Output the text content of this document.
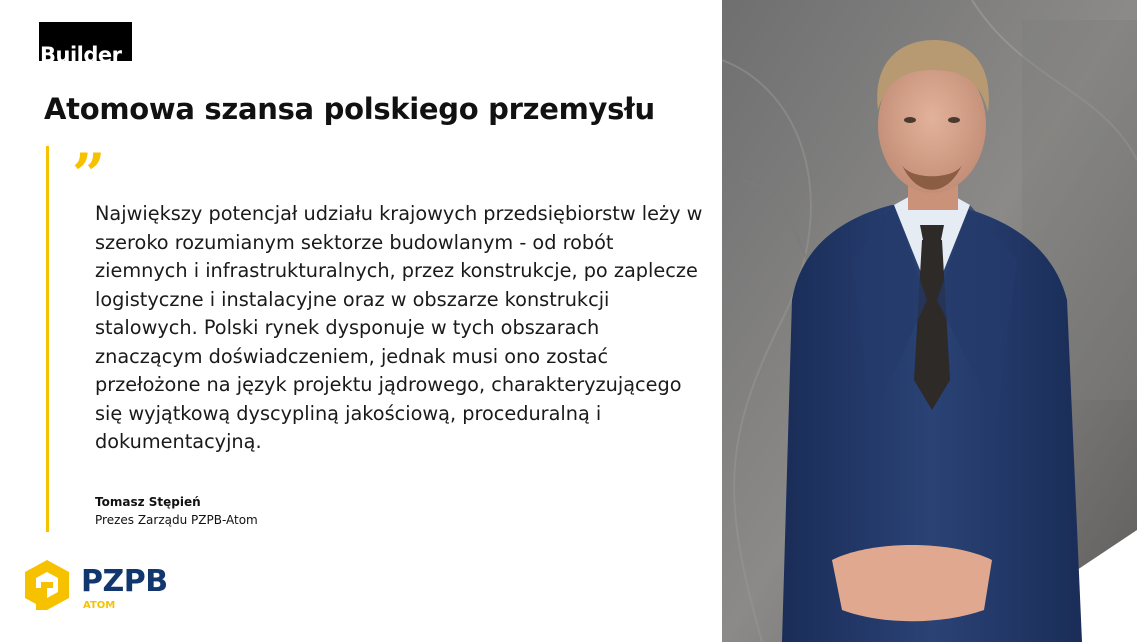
Builder
Atomowa szansa polskiego przemysłu
”
Największy potencjał udziału krajowych przedsiębiorstw leży w szeroko rozumianym sektorze budowlanym - od robót ziemnych i infrastrukturalnych, przez konstrukcje, po zaplecze logistyczne i instalacyjne oraz w obszarze konstrukcji stalowych. Polski rynek dysponuje w tych obszarach znaczącym doświadczeniem, jednak musi ono zostać przełożone na język projektu jądrowego, charakteryzującego się wyjątkową dyscypliną jakościową, proceduralną i dokumentacyjną.
Tomasz Stępień
Prezes Zarządu PZPB-Atom
PZPB
ATOM
